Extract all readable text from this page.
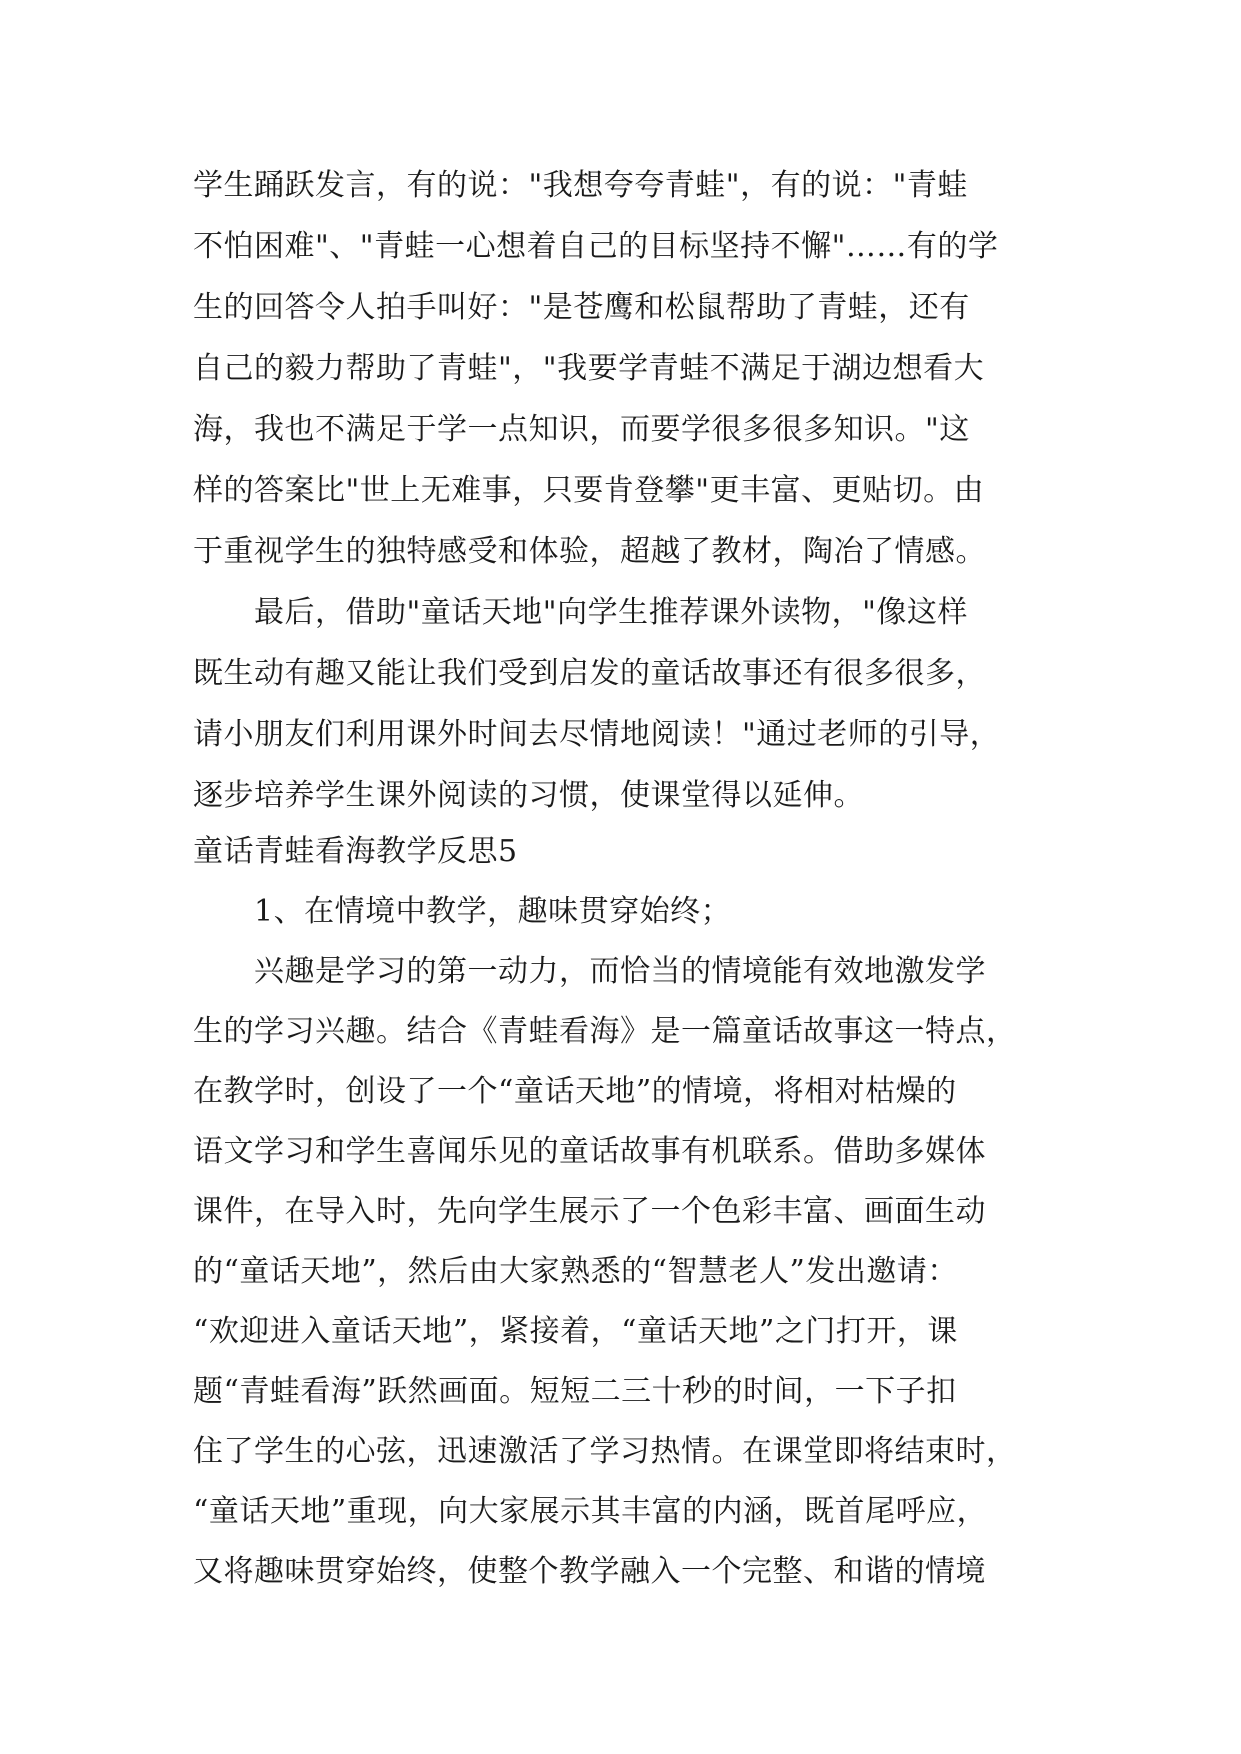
学生踊跃发言，有的说："我想夸夸青蛙"，有的说："青蛙
不怕困难"、"青蛙一心想着自己的目标坚持不懈"……有的学
生的回答令人拍手叫好："是苍鹰和松鼠帮助了青蛙，还有
自己的毅力帮助了青蛙"，"我要学青蛙不满足于湖边想看大
海，我也不满足于学一点知识，而要学很多很多知识。"这
样的答案比"世上无难事，只要肯登攀"更丰富、更贴切。由
于重视学生的独特感受和体验，超越了教材，陶冶了情感。
最后，借助"童话天地"向学生推荐课外读物，"像这样
既生动有趣又能让我们受到启发的童话故事还有很多很多，
请小朋友们利用课外时间去尽情地阅读！"通过老师的引导，
逐步培养学生课外阅读的习惯，使课堂得以延伸。
童话青蛙看海教学反思5
1、在情境中教学，趣味贯穿始终；
兴趣是学习的第一动力，而恰当的情境能有效地激发学
生的学习兴趣。结合《青蛙看海》是一篇童话故事这一特点，
在教学时，创设了一个“童话天地”的情境，将相对枯燥的
语文学习和学生喜闻乐见的童话故事有机联系。借助多媒体
课件，在导入时，先向学生展示了一个色彩丰富、画面生动
的“童话天地”，然后由大家熟悉的“智慧老人”发出邀请：
“欢迎进入童话天地”，紧接着，“童话天地”之门打开，课
题“青蛙看海”跃然画面。短短二三十秒的时间，一下子扣
住了学生的心弦，迅速激活了学习热情。在课堂即将结束时，
“童话天地”重现，向大家展示其丰富的内涵，既首尾呼应，
又将趣味贯穿始终，使整个教学融入一个完整、和谐的情境
